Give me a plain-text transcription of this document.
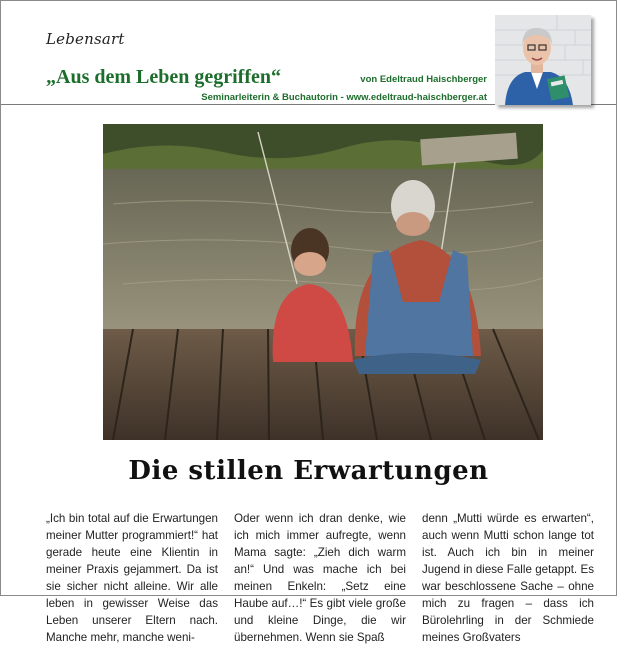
Lebensart
„Aus dem Leben gegriffen“	von Edeltraud Haischberger
Seminarleiterin & Buchautorin - www.edeltraud-haischberger.at
Die stillen Erwartungen
„Ich bin total auf die Erwartungen meiner Mutter programmiert!“ hat gerade heute eine Klientin in meiner Praxis gejammert. Da ist sie sicher nicht alleine. Wir alle leben in gewisser Weise das Leben unserer Eltern nach. Manche mehr, manche weni-
Oder wenn ich dran denke, wie ich mich immer aufregte, wenn Mama sagte: „Zieh dich warm an!“ Und was mache ich bei meinen Enkeln: „Setz eine Haube auf…!“ Es gibt viele große und kleine Dinge, die wir übernehmen. Wenn sie Spaß
denn „Mutti würde es erwarten“, auch wenn Mutti schon lange tot ist. Auch ich bin in meiner Jugend in diese Falle getappt. Es war beschlossene Sache – ohne mich zu fragen – dass ich Bürolehrling in der Schmiede meines Großvaters
